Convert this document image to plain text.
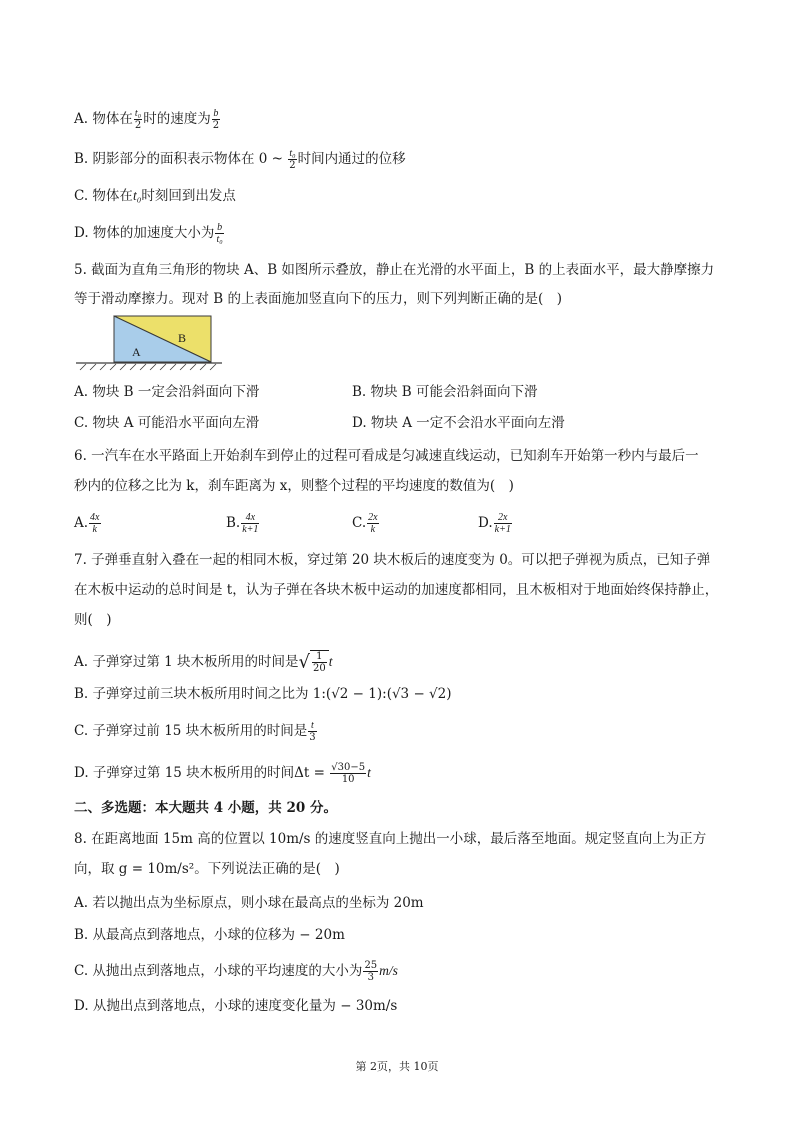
A. 物体在 $\frac{\text{t₀}}{2}$ 时的速度为 $\frac{b}{2}$
B. 阴影部分的面积表示物体在 0 ~ $\frac{\text{t₀}}{2}$ 时间内通过的位移
C. 物体在t₀时刻回到出发点
D. 物体的加速度大小为 $\frac{b}{\text{t₀}}$
5. 截面为直角三角形的物块 A、B 如图所示叠放，静止在光滑的水平面上，B 的上表面水平，最大静摩擦力
等于滑动摩擦力。现对 B 的上表面施加竖直向下的压力，则下列判断正确的是(　)
A
B
A. 物块 B 一定会沿斜面向下滑	B. 物块 B 可能会沿斜面向下滑
C. 物块 A 可能沿水平面向左滑	D. 物块 A 一定不会沿水平面向左滑
6. 一汽车在水平路面上开始刹车到停止的过程可看成是匀减速直线运动，已知刹车开始第一秒内与最后一
秒内的位移之比为 k，刹车距离为 x，则整个过程的平均速度的数值为(　)
A. $\frac{4x}{k}$	B. $\frac{4x}{k+1}$	C. $\frac{2x}{k}$	D. $\frac{2x}{k+1}$
7. 子弹垂直射入叠在一起的相同木板，穿过第 20 块木板后的速度变为 0。可以把子弹视为质点，已知子弹
在木板中运动的总时间是 t，认为子弹在各块木板中运动的加速度都相同，且木板相对于地面始终保持静止，
则(　)
A. 子弹穿过第 1 块木板所用的时间是√ $\frac{1}{20}$ t
B. 子弹穿过前三块木板所用时间之比为 1:(√2 − 1):(√3 − √2)
C. 子弹穿过前 15 块木板所用的时间是 $\frac{t}{3}$
D. 子弹穿过第 15 块木板所用的时间$\Delta t = \frac{√30-5}{10}$ t
二、多选题：本大题共 4 小题，共 20 分。
8. 在距离地面 15m 高的位置以 10m/s 的速度竖直向上抛出一小球，最后落至地面。规定竖直向上为正方
向，取 g = 10m/s²。下列说法正确的是(　)
A. 若以抛出点为坐标原点，则小球在最高点的坐标为 20m
B. 从最高点到落地点，小球的位移为 − 20m
C. 从抛出点到落地点，小球的平均速度的大小为 $\frac{25}{3} m/s$
D. 从抛出点到落地点，小球的速度变化量为 − 30m/s
第 2页，共 10页
